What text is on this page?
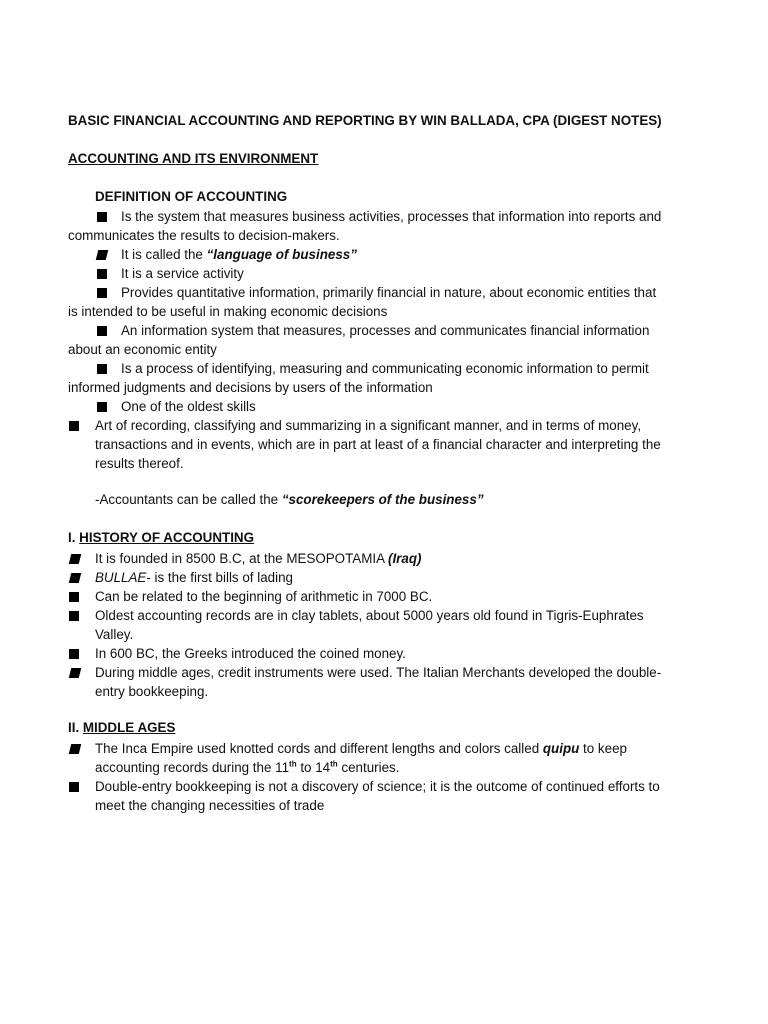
BASIC FINANCIAL ACCOUNTING AND REPORTING BY WIN BALLADA, CPA (DIGEST NOTES)
ACCOUNTING AND ITS ENVIRONMENT
DEFINITION OF ACCOUNTING
Is the system that measures business activities, processes that information into reports and
communicates the results to decision-makers.
It is called the “language of business”
It is a service activity
Provides quantitative information, primarily financial in nature, about economic entities that
is intended to be useful in making economic decisions
An information system that measures, processes and communicates financial information
about an economic entity
Is a process of identifying, measuring and communicating economic information to permit
informed judgments and decisions by users of the information
One of the oldest skills
Art of recording, classifying and summarizing in a significant manner, and in terms of money,
transactions and in events, which are in part at least of a financial character and interpreting the
results thereof.
-Accountants can be called the “scorekeepers of the business”
I. HISTORY OF ACCOUNTING
It is founded in 8500 B.C, at the MESOPOTAMIA (Iraq)
BULLAE- is the first bills of lading
Can be related to the beginning of arithmetic in 7000 BC.
Oldest accounting records are in clay tablets, about 5000 years old found in Tigris-Euphrates
Valley.
In 600 BC, the Greeks introduced the coined money.
During middle ages, credit instruments were used. The Italian Merchants developed the double-
entry bookkeeping.
II. MIDDLE AGES
The Inca Empire used knotted cords and different lengths and colors called quipu to keep
accounting records during the 11th to 14th centuries.
Double-entry bookkeeping is not a discovery of science; it is the outcome of continued efforts to
meet the changing necessities of trade
